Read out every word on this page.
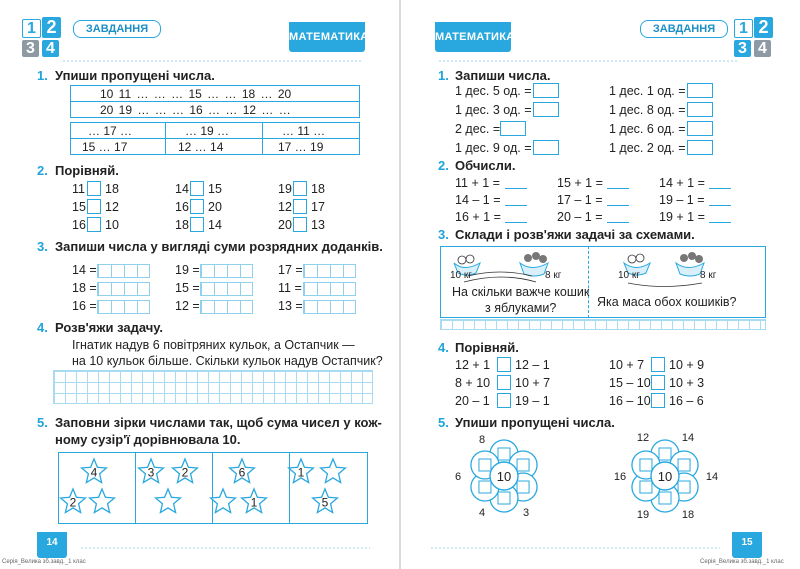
1 2
3 4
ЗАВДАННЯ
МАТЕМАТИКА	МАТЕМАТИКА
ЗАВДАННЯ	1 2
3 4
1. Упиши пропущені числа.
10 11 … … … 15 … … 18 … 20
20 19 … … … 16 … … 12 … …
… 17 …	… 19 …	… 11 …
15 … 17	12 … 14	17 … 19
2. Порівняй.
11 18	14 15	19 18
15 12	16 20	12 17
16 10	18 14	20 13
3. Запиши числа у вигляді суми розрядних доданків.
14 =	19 =	17 =
18 =	15 =	11 =
16 =	12 =	13 =
4. Розв'яжи задачу.
Ігнатик надув 6 повітряних кульок, а Остапчик —
на 10 кульок більше. Скільки кульок надув Остапчик?
5. Заповни зірки числами так, щоб сума чисел у кож-
ному сузір'ї дорівнювала 10.
4
2
3 2	6
1
1
5
14
Серія_Велика зб.завд._1 клас
1. Запиши числа.
1 дес. 5 од. =	1 дес. 1 од. =
1 дес. 3 од. =	1 дес. 8 од. =
2 дес. =	1 дес. 6 од. =
1 дес. 9 од. =	1 дес. 2 од. =
2. Обчисли.
11 + 1 =	15 + 1 =	14 + 1 =
14 – 1 =	17 – 1 =	19 – 1 =
16 + 1 =	20 – 1 =	19 + 1 =
3. Склади і розв'яжи задачі за схемами.
10 кг	8 кг
На скільки важче кошик
з яблуками?
10 кг	8 кг
Яка маса обох кошиків?
4. Порівняй.
12 + 1 12 – 1	10 + 7 10 + 9
8 + 10 10 + 7	15 – 10 10 + 3
20 – 1 19 – 1	16 – 10 16 – 6
5. Упиши пропущені числа.
10
8
6
4	3
10
12	14
16	14
19	18
15
Серія_Велика зб.завд._1 клас
